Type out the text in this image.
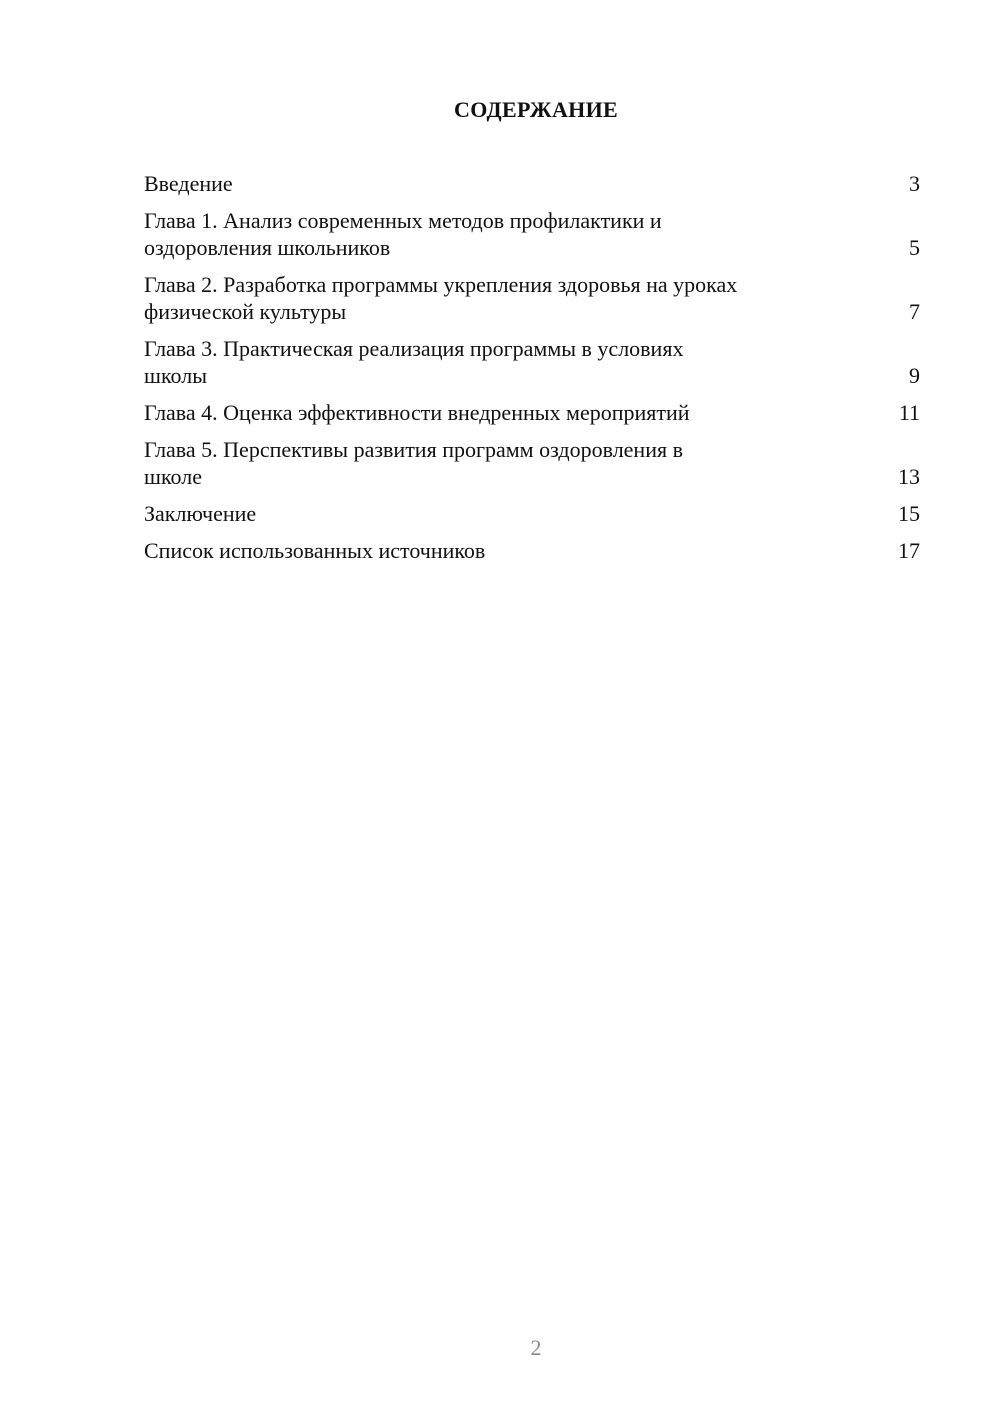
СОДЕРЖАНИЕ
Введение	3
Глава 1. Анализ современных методов профилактики и
оздоровления школьников	5
Глава 2. Разработка программы укрепления здоровья на уроках
физической культуры	7
Глава 3. Практическая реализация программы в условиях
школы	9
Глава 4. Оценка эффективности внедренных мероприятий	11
Глава 5. Перспективы развития программ оздоровления в
школе	13
Заключение	15
Список использованных источников	17
2
